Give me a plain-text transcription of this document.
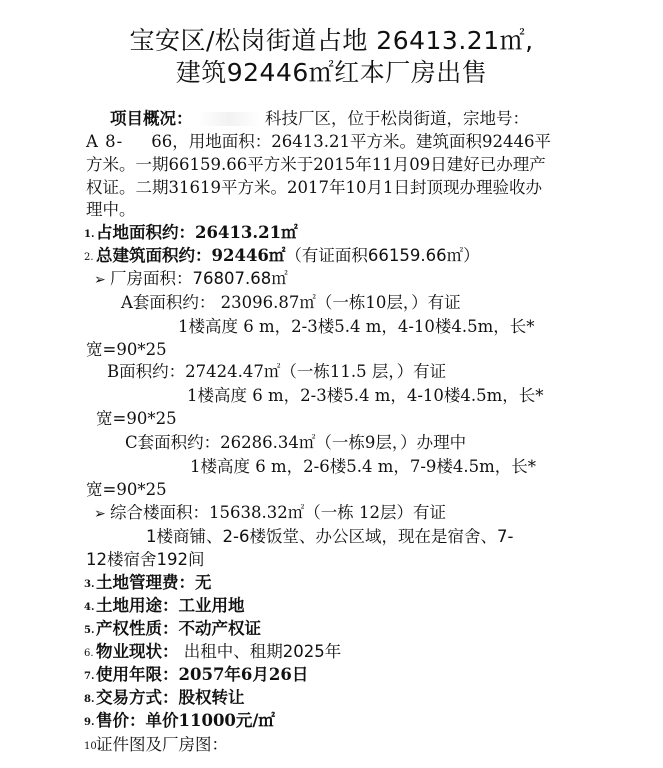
宝安区/松岗街道占地 26413.21㎡,
建筑92446㎡红本厂房出售
项目概况：	科技厂区，位于松岗街道，宗地号：
A 8- 66，用地面积：26413.21平方米。建筑面积92446平
方米。一期66159.66平方米于2015年11月09日建好已办理产
权证。二期31619平方米。2017年10月1日封顶现办理验收办
理中。
1.占地面积约：26413.21㎡
2. 总建筑面积约：92446㎡（有证面积66159.66㎡）
➢ 厂房面积：76807.68㎡
A套面积约： 23096.87㎡（一栋10层，）有证
1楼高度 6 m，2-3楼5.4 m，4-10楼4.5m，长*
宽=90*25
B面积约：27424.47㎡（一栋11.5 层，）有证
1楼高度 6 m，2-3楼5.4 m，4-10楼4.5m，长*
宽=90*25
C套面积约：26286.34㎡（一栋9层，）办理中
1楼高度 6 m，2-6楼5.4 m，7-9楼4.5m，长*
宽=90*25
➢ 综合楼面积：15638.32㎡（一栋 12层）有证
1楼商铺、2-6楼饭堂、办公区域，现在是宿舍、7-
12楼宿舍192间
3.土地管理费：无
4.土地用途：工业用地
5.产权性质：不动产权证
6. 物业现状： 出租中、租期2025年
7.使用年限：2057年6月26日
8.交易方式：股权转让
9.售价：单价11000元/㎡
10.证件图及厂房图：
